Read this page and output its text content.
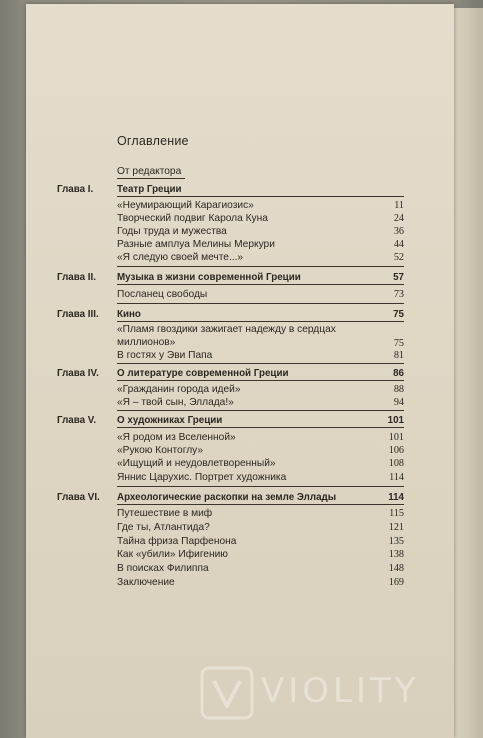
Оглавление
От редактора
Глава I. Театр Греции
«Неумирающий Карагиозис»	11
Творческий подвиг Карола Куна	24
Годы труда и мужества	36
Разные амплуа Мелины Меркури	44
«Я следую своей мечте...»	52
Глава II. Музыка в жизни современной Греции	57
Посланец свободы	73
Глава III. Кино	75
«Пламя гвоздики зажигает надежду в сердцах миллионов»	75
В гостях у Эви Папа	81
Глава IV. О литературе современной Греции	86
«Гражданин города идей»	88
«Я – твой сын, Эллада!»	94
Глава V. О художниках Греции	101
«Я родом из Вселенной»	101
«Рукою Контоглу»	106
«Ищущий и неудовлетворенный»	108
Яннис Царухис. Портрет художника	114
Глава VI. Археологические раскопки на земле Эллады	114
Путешествие в миф	115
Где ты, Атлантида?	121
Тайна фриза Парфенона	135
Как «убили» Ифигению	138
В поисках Филиппа	148
Заключение	169
VIOLITY
